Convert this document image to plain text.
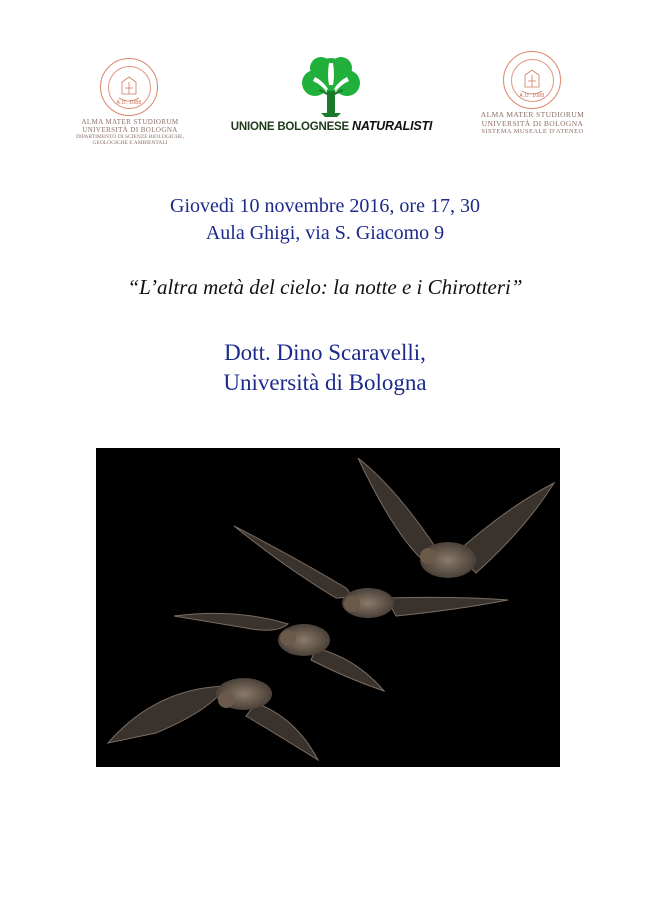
A.D. 1088
ALMA MATER STUDIORUM
UNIVERSITÀ DI BOLOGNA
DIPARTIMENTO DI SCIENZE BIOLOGICHE,
GEOLOGICHE E AMBIENTALI
UNIONE BOLOGNESE NATURALISTI
A.D. 1088
ALMA MATER STUDIORUM
UNIVERSITÀ DI BOLOGNA
SISTEMA MUSEALE D'ATENEO
Giovedì 10 novembre 2016, ore 17, 30
Aula Ghigi, via S. Giacomo 9
“L’altra metà del cielo: la notte e i Chirotteri”
Dott. Dino Scaravelli,
Università di Bologna
